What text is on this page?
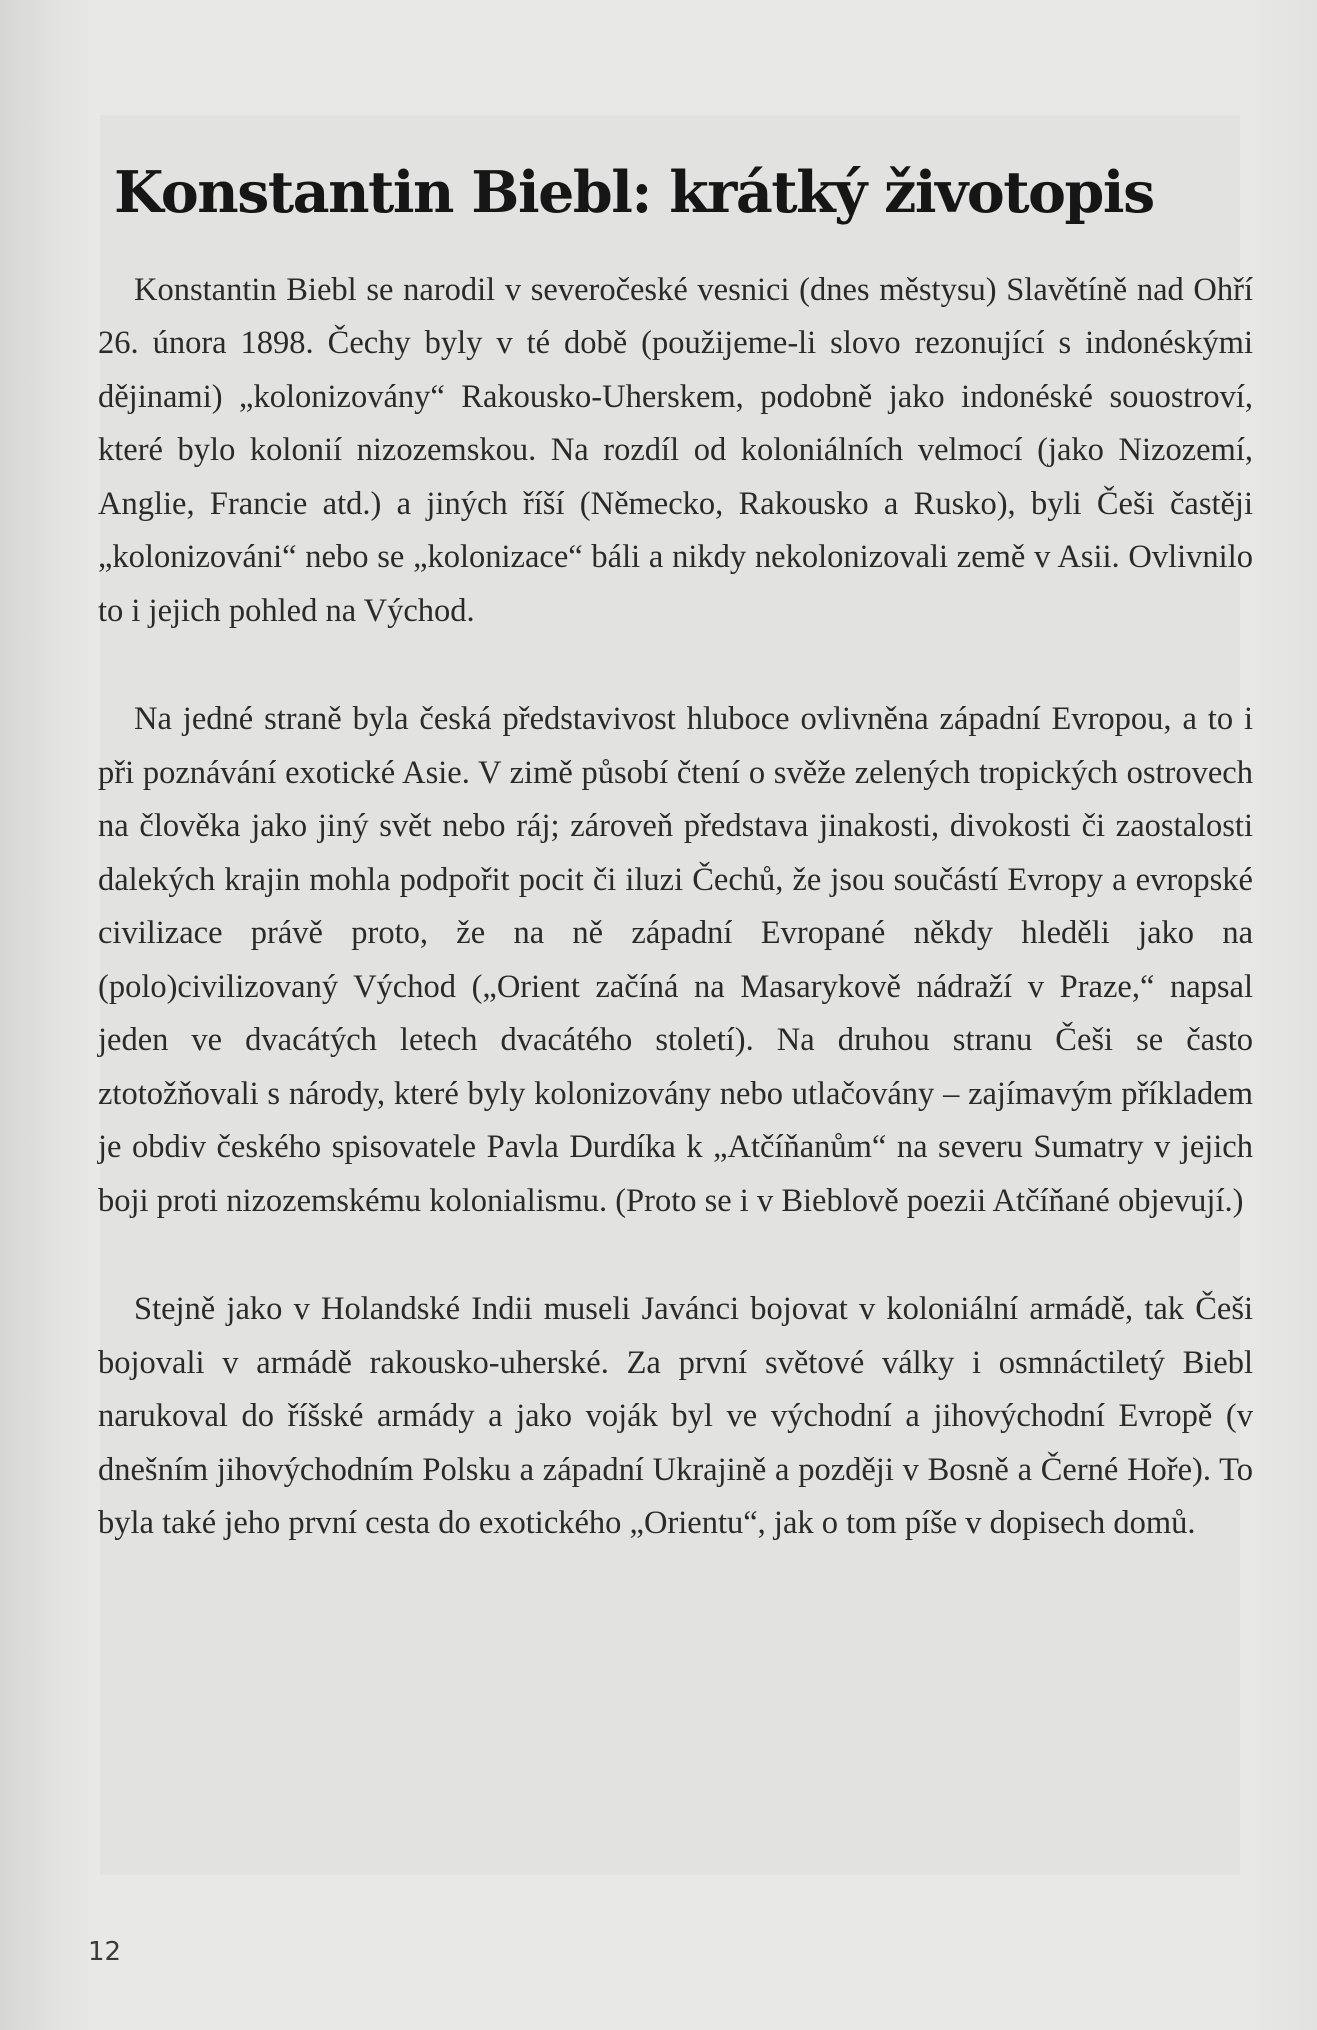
Konstantin Biebl: krátký životopis

Konstantin Biebl se narodil v severočeské vesnici (dnes městysu) Slavětíně nad Ohří 26. února 1898. Čechy byly v té době (použijeme-li slovo rezonující s indonéskými dějinami) „kolonizovány“ Rakousko-Uherskem, podobně jako indonéské souostroví, které bylo kolonií nizozemskou. Na rozdíl od koloniálních velmocí (jako Nizozemí, Anglie, Francie atd.) a jiných říší (Německo, Rakousko a Rusko), byli Češi častěji „kolonizováni“ nebo se „kolonizace“ báli a nikdy nekolonizovali země v Asii. Ovlivnilo to i jejich pohled na Východ.

Na jedné straně byla česká představivost hluboce ovlivněna západní Evropou, a to i při poznávání exotické Asie. V zimě působí čtení o svěže zelených tropických ostrovech na člověka jako jiný svět nebo ráj; zároveň představa jinakosti, divokosti či zaostalosti dalekých krajin mohla podpořit pocit či iluzi Čechů, že jsou součástí Evropy a evropské civilizace právě proto, že na ně západní Evropané někdy hleděli jako na (polo)civilizovaný Východ („Orient začíná na Masarykově nádraží v Praze,“ napsal jeden ve dvacátých letech dvacátého století). Na druhou stranu Češi se často ztotožňovali s národy, které byly kolonizovány nebo utlačovány – zajímavým příkladem je obdiv českého spisovatele Pavla Durdíka k „Atčíňanům“ na severu Sumatry v jejich boji proti nizozemskému kolonialismu. (Proto se i v Bieblově poezii Atčíňané objevují.)

Stejně jako v Holandské Indii museli Javánci bojovat v koloniální armádě, tak Češi bojovali v armádě rakousko-uherské. Za první světové války i osmnáctiletý Biebl narukoval do říšské armády a jako voják byl ve východní a jihovýchodní Evropě (v dnešním jihovýchodním Polsku a západní Ukrajině a později v Bosně a Černé Hoře). To byla také jeho první cesta do exotického „Orientu“, jak o tom píše v dopisech domů.

12
